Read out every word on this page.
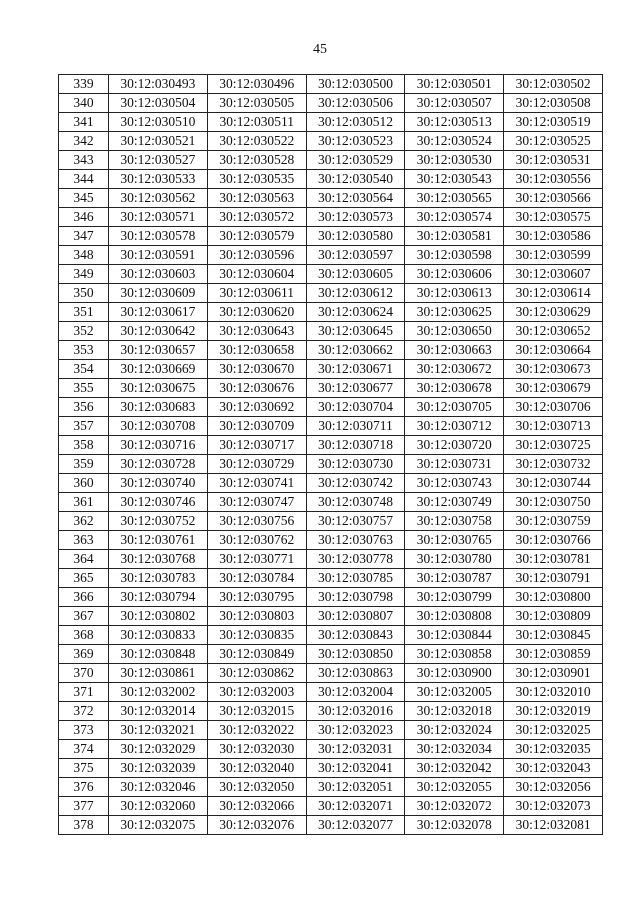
45
339	30:12:030493	30:12:030496	30:12:030500	30:12:030501	30:12:030502
340	30:12:030504	30:12:030505	30:12:030506	30:12:030507	30:12:030508
341	30:12:030510	30:12:030511	30:12:030512	30:12:030513	30:12:030519
342	30:12:030521	30:12:030522	30:12:030523	30:12:030524	30:12:030525
343	30:12:030527	30:12:030528	30:12:030529	30:12:030530	30:12:030531
344	30:12:030533	30:12:030535	30:12:030540	30:12:030543	30:12:030556
345	30:12:030562	30:12:030563	30:12:030564	30:12:030565	30:12:030566
346	30:12:030571	30:12:030572	30:12:030573	30:12:030574	30:12:030575
347	30:12:030578	30:12:030579	30:12:030580	30:12:030581	30:12:030586
348	30:12:030591	30:12:030596	30:12:030597	30:12:030598	30:12:030599
349	30:12:030603	30:12:030604	30:12:030605	30:12:030606	30:12:030607
350	30:12:030609	30:12:030611	30:12:030612	30:12:030613	30:12:030614
351	30:12:030617	30:12:030620	30:12:030624	30:12:030625	30:12:030629
352	30:12:030642	30:12:030643	30:12:030645	30:12:030650	30:12:030652
353	30:12:030657	30:12:030658	30:12:030662	30:12:030663	30:12:030664
354	30:12:030669	30:12:030670	30:12:030671	30:12:030672	30:12:030673
355	30:12:030675	30:12:030676	30:12:030677	30:12:030678	30:12:030679
356	30:12:030683	30:12:030692	30:12:030704	30:12:030705	30:12:030706
357	30:12:030708	30:12:030709	30:12:030711	30:12:030712	30:12:030713
358	30:12:030716	30:12:030717	30:12:030718	30:12:030720	30:12:030725
359	30:12:030728	30:12:030729	30:12:030730	30:12:030731	30:12:030732
360	30:12:030740	30:12:030741	30:12:030742	30:12:030743	30:12:030744
361	30:12:030746	30:12:030747	30:12:030748	30:12:030749	30:12:030750
362	30:12:030752	30:12:030756	30:12:030757	30:12:030758	30:12:030759
363	30:12:030761	30:12:030762	30:12:030763	30:12:030765	30:12:030766
364	30:12:030768	30:12:030771	30:12:030778	30:12:030780	30:12:030781
365	30:12:030783	30:12:030784	30:12:030785	30:12:030787	30:12:030791
366	30:12:030794	30:12:030795	30:12:030798	30:12:030799	30:12:030800
367	30:12:030802	30:12:030803	30:12:030807	30:12:030808	30:12:030809
368	30:12:030833	30:12:030835	30:12:030843	30:12:030844	30:12:030845
369	30:12:030848	30:12:030849	30:12:030850	30:12:030858	30:12:030859
370	30:12:030861	30:12:030862	30:12:030863	30:12:030900	30:12:030901
371	30:12:032002	30:12:032003	30:12:032004	30:12:032005	30:12:032010
372	30:12:032014	30:12:032015	30:12:032016	30:12:032018	30:12:032019
373	30:12:032021	30:12:032022	30:12:032023	30:12:032024	30:12:032025
374	30:12:032029	30:12:032030	30:12:032031	30:12:032034	30:12:032035
375	30:12:032039	30:12:032040	30:12:032041	30:12:032042	30:12:032043
376	30:12:032046	30:12:032050	30:12:032051	30:12:032055	30:12:032056
377	30:12:032060	30:12:032066	30:12:032071	30:12:032072	30:12:032073
378	30:12:032075	30:12:032076	30:12:032077	30:12:032078	30:12:032081
